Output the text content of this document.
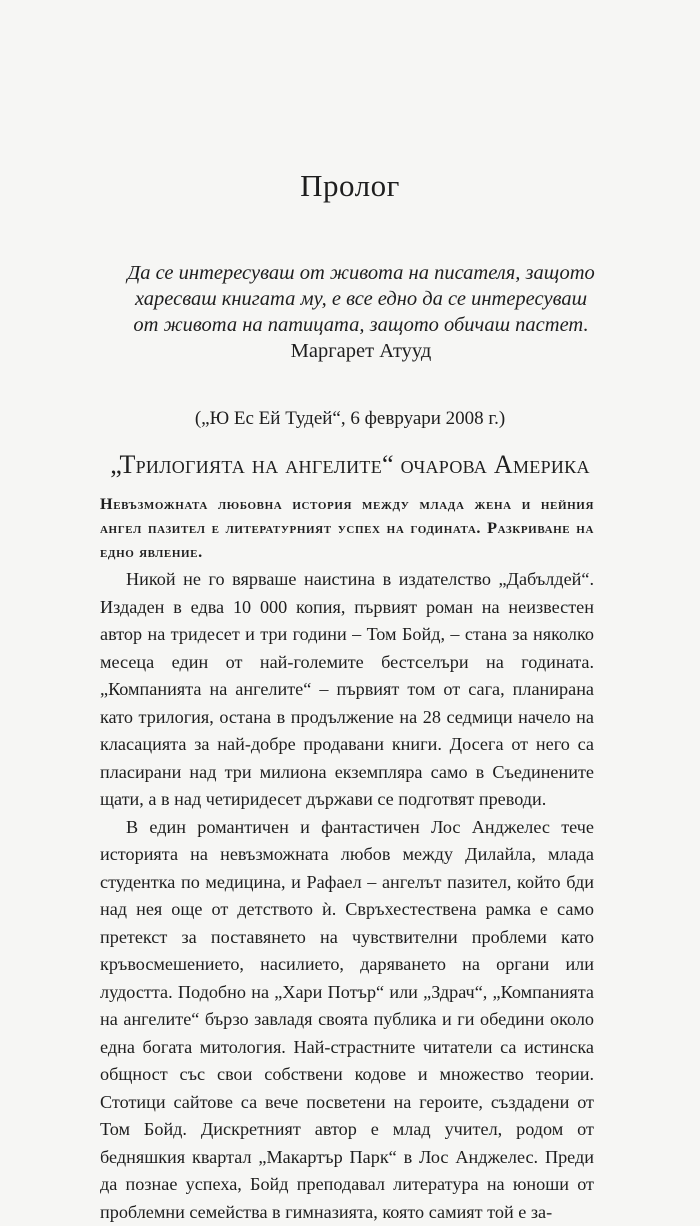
Пролог
Да се интересуваш от живота на писателя, защото харесваш книгата му, е все едно да се интересуваш от живота на патицата, защото обичаш пастет.
Маргарет Атууд
(„Ю Ес Ей Тудей“, 6 февруари 2008 г.)
„Трилогията на ангелите“ очарова Америка
Невъзможната любовна история между млада жена и нейния ангел пазител е литературният успех на годината. Разкриване на едно явление.

Никой не го вярваше наистина в издателство „Дабълдей“. Издаден в едва 10 000 копия, първият роман на неизвестен автор на тридесет и три години – Том Бойд, – стана за няколко месеца един от най-големите бестселъри на годината. „Компанията на ангелите“ – първият том от сага, планирана като трилогия, остана в продължение на 28 седмици начело на класацията за най-добре продавани книги. Досега от него са пласирани над три милиона екземпляра само в Съединените щати, а в над четиридесет държави се подготвят преводи.

В един романтичен и фантастичен Лос Анджелес тече историята на невъзможната любов между Дилайла, млада студентка по медицина, и Рафаел – ангелът пазител, който бди над нея още от детството ѝ. Свръхестествена рамка е само претекст за поставянето на чувствителни проблеми като кръвосмешението, насилието, даряването на органи или лудостта. Подобно на „Хари Потър“ или „Здрач“, „Компанията на ангелите“ бързо завладя своята публика и ги обедини около една богата митология. Най-страстните читатели са истинска общност със свои собствени кодове и множество теории. Стотици сайтове са вече посветени на героите, създадени от Том Бойд. Дискретният автор е млад учител, родом от бедняшкия квартал „Макартър Парк“ в Лос Анджелес. Преди да познае успеха, Бойд преподавал литература на юноши от проблемни семейства в гимназията, която самият той е за-
